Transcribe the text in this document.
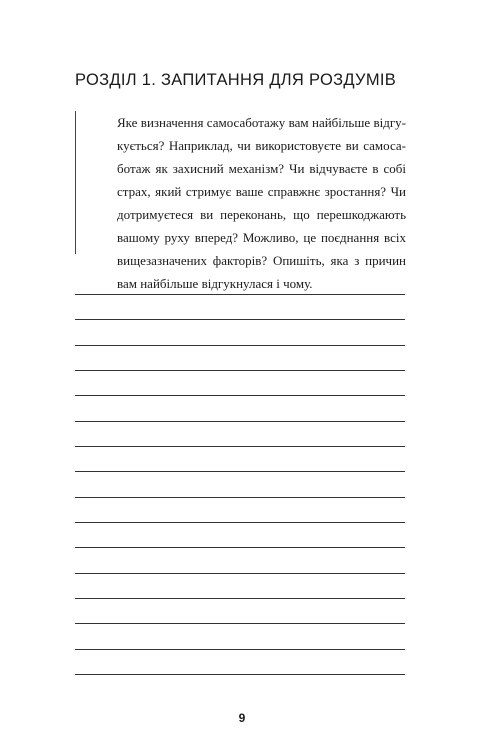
РОЗДІЛ 1. ЗАПИТАННЯ ДЛЯ РОЗДУМІВ

Яке визначення самосаботажу вам найбільше відгу-
кується? Наприклад, чи використовуєте ви самоса-
ботаж як захисний механізм? Чи відчуваєте в собі
страх, який стримує ваше справжнє зростання? Чи
дотримуєтеся ви переконань, що перешкоджають
вашому руху вперед? Можливо, це поєднання всіх
вищезазначених факторів? Опишіть, яка з причин
вам найбільше відгукнулася і чому.

9
